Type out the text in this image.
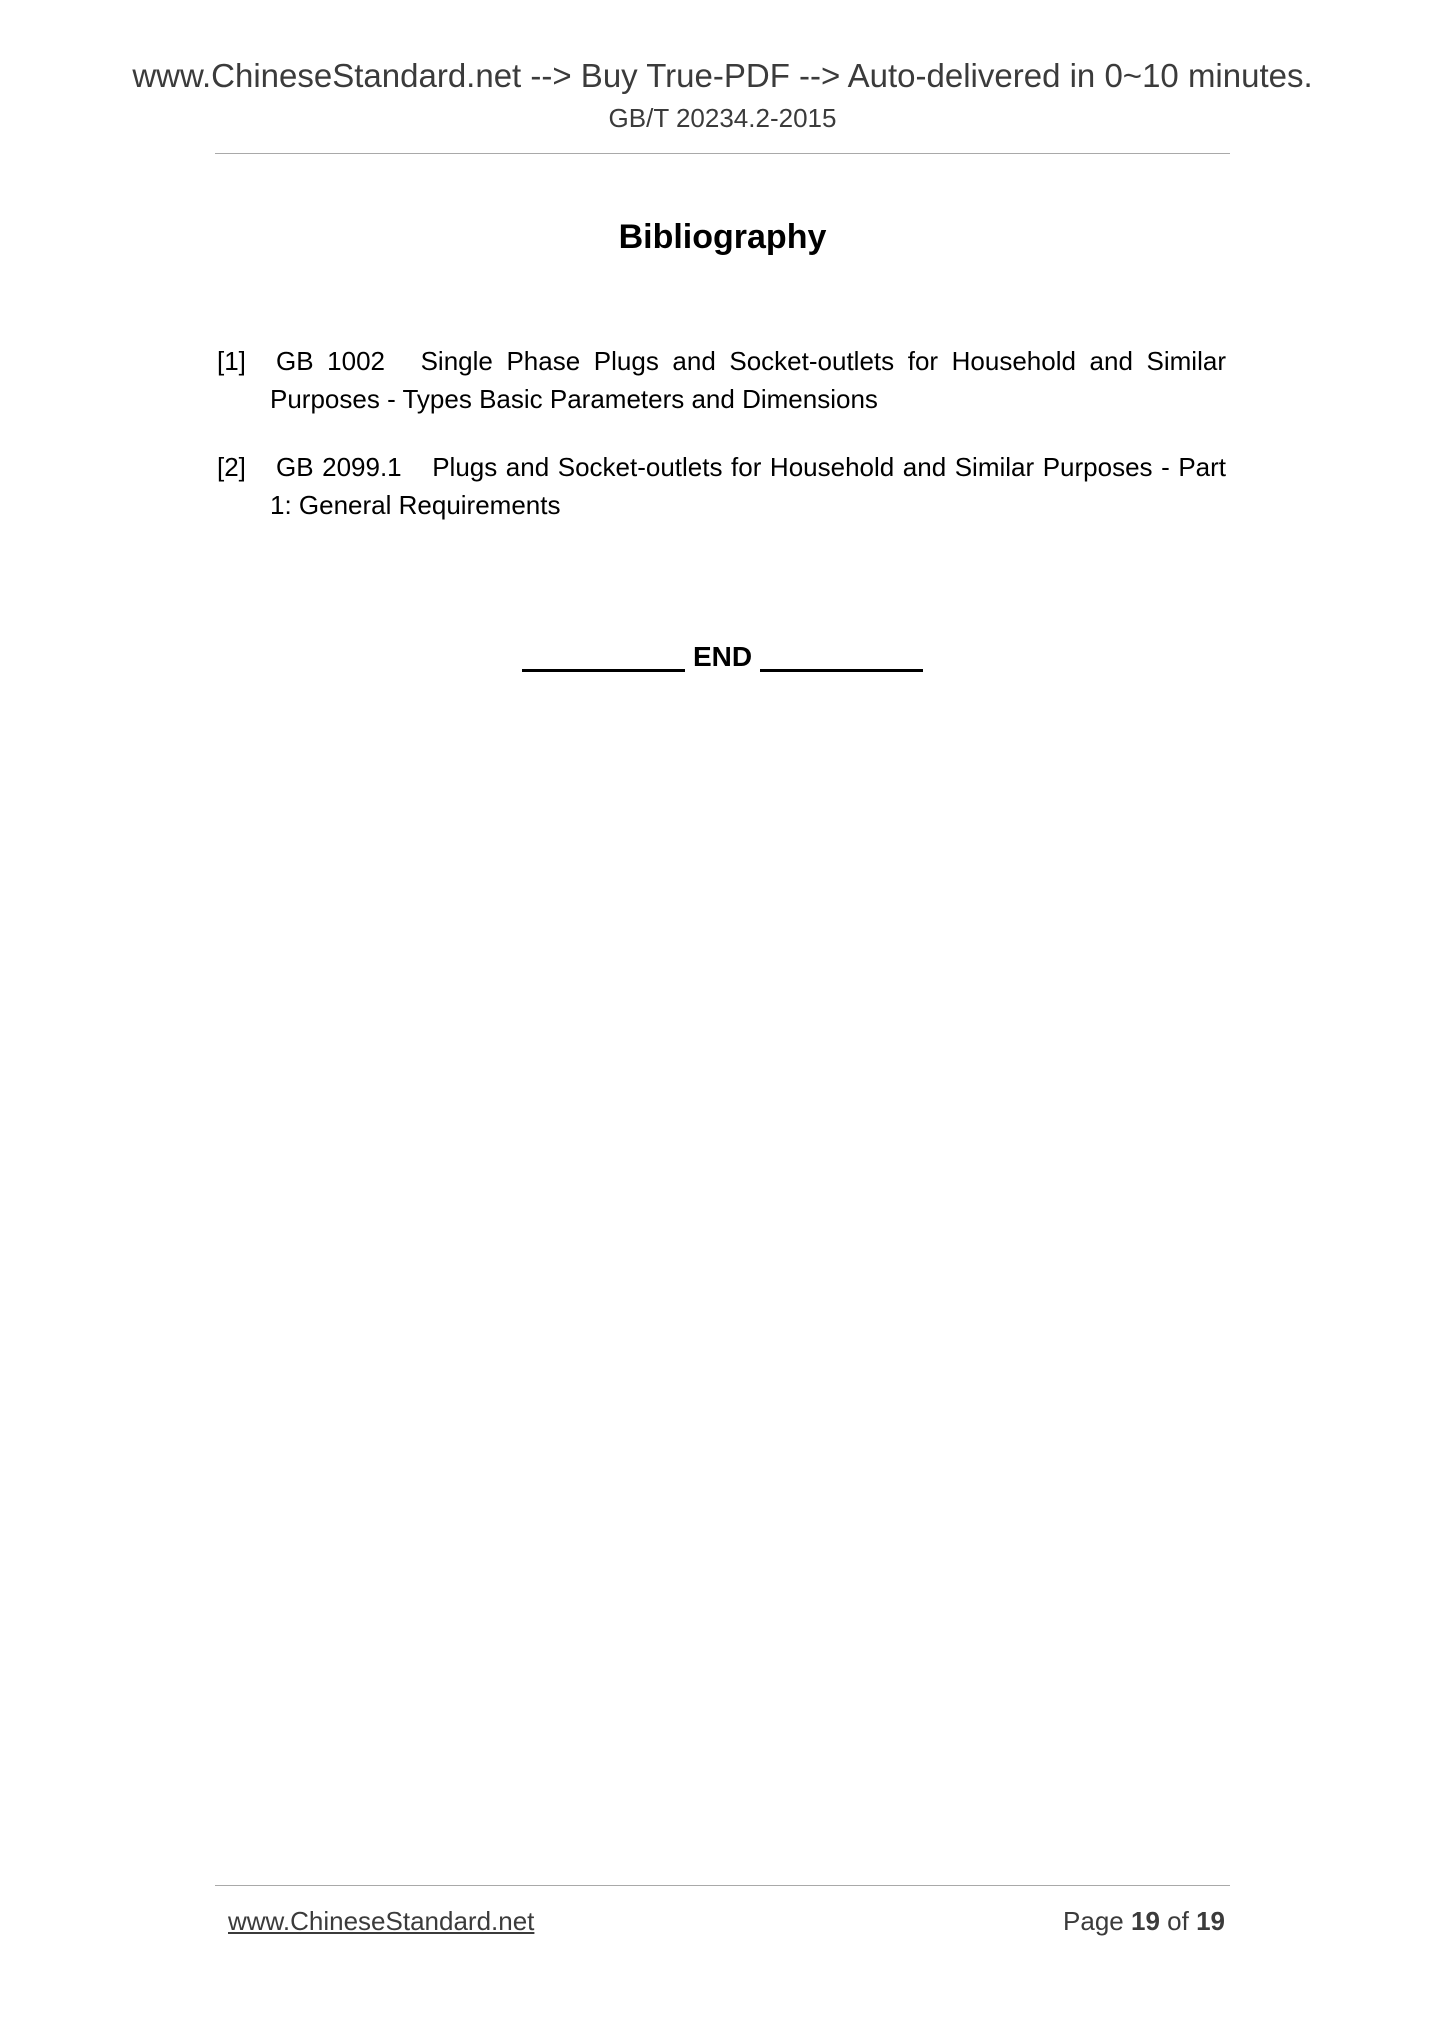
www.ChineseStandard.net --> Buy True-PDF --> Auto-delivered in 0~10 minutes.
GB/T 20234.2-2015
Bibliography
[1] GB 1002 Single Phase Plugs and Socket-outlets for Household and Similar Purposes - Types Basic Parameters and Dimensions
[2] GB 2099.1 Plugs and Socket-outlets for Household and Similar Purposes - Part 1: General Requirements
END
www.ChineseStandard.net	Page 19 of 19
